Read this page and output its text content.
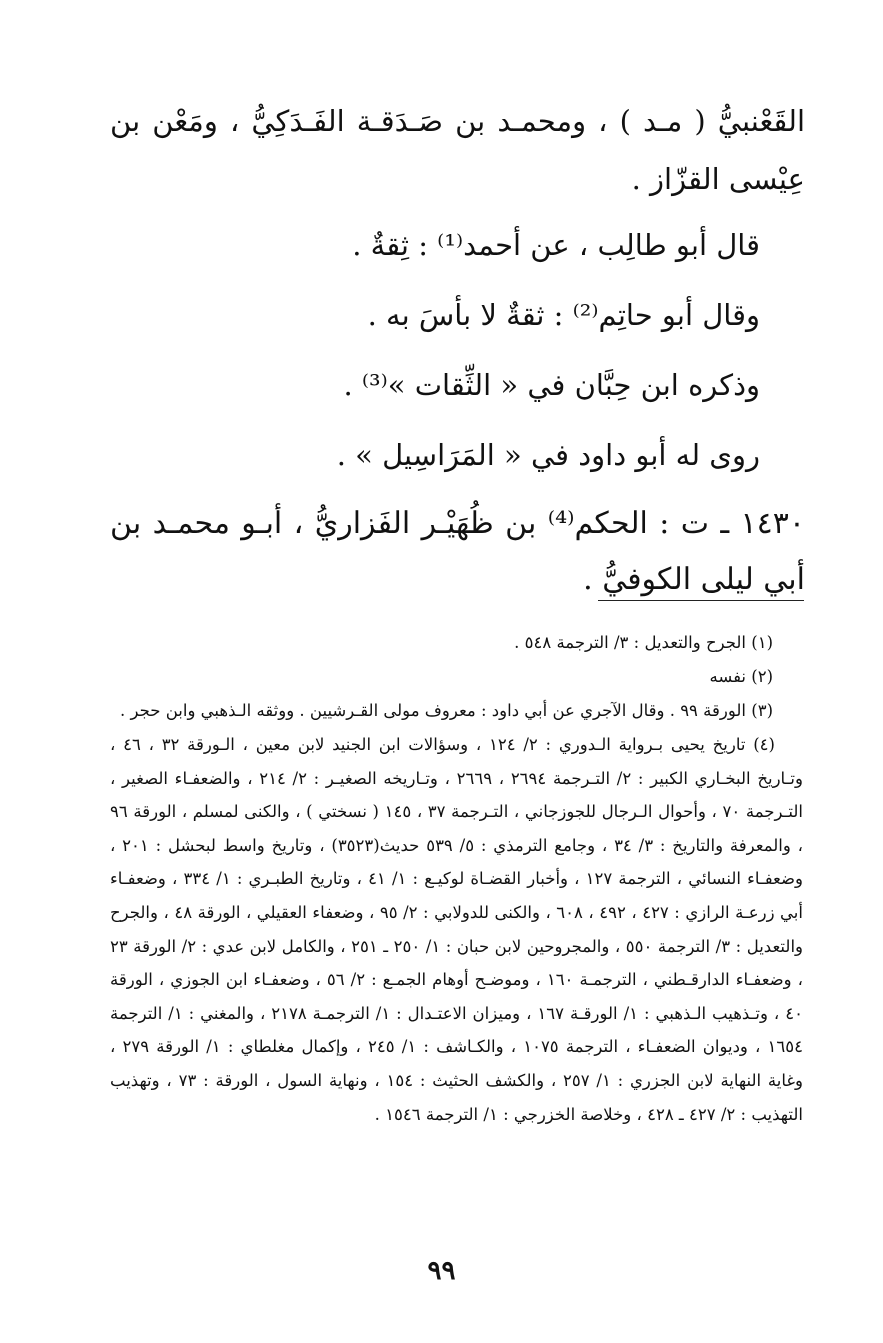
القَعْنبيُّ ( مـد ) ، ومحمـد بن صَـدَقـة الفَـدَكِيُّ ، ومَعْن بن عِيْسى القزّاز .

قال أبو طالِب ، عن أحمد⁽¹⁾ : ثِقةٌ .

وقال أبو حاتِم⁽²⁾ : ثقةٌ لا بأسَ به .

وذكره ابن حِبَّان في « الثِّقات »⁽³⁾ .

روى له أبو داود في « المَرَاسِيل » .

١٤٣٠ ـ ت : الحكم⁽⁴⁾ بن ظُهَيْـر الفَزاريُّ ، أبـو محمـد بن أبي ليلى الكوفيُّ .

(١) الجرح والتعديل : ٣/ الترجمة ٥٤٨ .

(٢) نفسه

(٣) الورقة ٩٩ . وقال الآجري عن أبي داود : معروف مولى القـرشيين . ووثقه الـذهبي وابن حجر .

(٤) تاريخ يحيى بـرواية الـدوري : ٢/ ١٢٤ ، وسؤالات ابن الجنيد لابن معين ، الـورقة ٣٢ ، ٤٦ ، وتـاريخ البخـاري الكبير : ٢/ التـرجمة ٢٦٩٤ ، ٢٦٦٩ ، وتـاريخه الصغيـر : ٢/ ٢١٤ ، والضعفـاء الصغير ، التـرجمة ٧٠ ، وأحوال الـرجال للجوزجاني ، التـرجمة ٣٧ ، ١٤٥ ( نسختي ) ، والكنى لمسلم ، الورقة ٩٦ ، والمعرفة والتاريخ : ٣/ ٣٤ ، وجامع الترمذي : ٥/ ٥٣٩ حديث(٣٥٢٣) ، وتاريخ واسط لبحشل : ٢٠١ ، وضعفـاء النسائي ، الترجمة ١٢٧ ، وأخبار القضـاة لوكيـع : ١/ ٤١ ، وتاريخ الطبـري : ١/ ٣٣٤ ، وضعفـاء أبي زرعـة الرازي : ٤٢٧ ، ٤٩٢ ، ٦٠٨ ، والكنى للدولابي : ٢/ ٩٥ ، وضعفاء العقيلي ، الورقة ٤٨ ، والجرح والتعديل : ٣/ الترجمة ٥٥٠ ، والمجروحين لابن حبان : ١/ ٢٥٠ ـ ٢٥١ ، والكامل لابن عدي : ٢/ الورقة ٢٣ ، وضعفـاء الدارقـطني ، الترجمـة ١٦٠ ، وموضـح أوهام الجمـع : ٢/ ٥٦ ، وضعفـاء ابن الجوزي ، الورقة ٤٠ ، وتـذهيب الـذهبي : ١/ الورقـة ١٦٧ ، وميزان الاعتـدال : ١/ الترجمـة ٢١٧٨ ، والمغني : ١/ الترجمة ١٦٥٤ ، وديوان الضعفـاء ، الترجمة ١٠٧٥ ، والكـاشف : ١/ ٢٤٥ ، وإكمال مغلطاي : ١/ الورقة ٢٧٩ ، وغاية النهاية لابن الجزري : ١/ ٢٥٧ ، والكشف الحثيث : ١٥٤ ، ونهاية السول ، الورقة : ٧٣ ، وتهذيب التهذيب : ٢/ ٤٢٧ ـ ٤٢٨ ، وخلاصة الخزرجي : ١/ الترجمة ١٥٤٦ .

٩٩
